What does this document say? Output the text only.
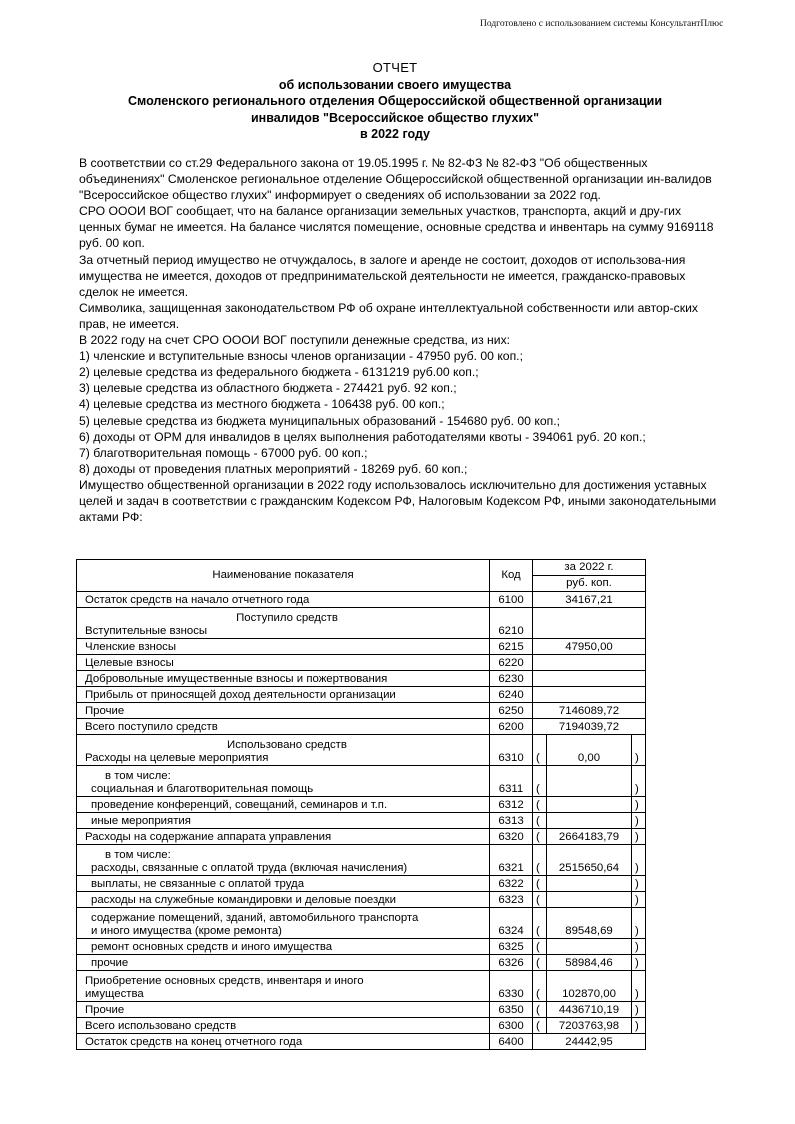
Подготовлено с использованием системы КонсультантПлюс
ОТЧЕТ
об использовании своего имущества
Смоленского регионального отделения Общероссийской общественной организации
инвалидов "Всероссийское общество глухих"
в 2022 году

В соответствии со ст.29 Федерального закона от 19.05.1995 г. № 82-ФЗ № 82-ФЗ "Об общественных объединениях" Смоленское региональное отделение Общероссийской общественной организации ин-валидов "Всероссийское общество глухих" информирует о сведениях об использовании за 2022 год.

СРО ОООИ ВОГ сообщает, что на балансе организации земельных участков, транспорта, акций и дру-гих ценных бумаг не имеется. На балансе числятся помещение, основные средства и инвентарь на сумму 9169118 руб. 00 коп.

За отчетный период имущество не отчуждалось, в залоге и аренде не состоит, доходов от использова-ния имущества не имеется, доходов от предпринимательской деятельности не имеется, гражданско-правовых сделок не имеется.

Символика, защищенная законодательством РФ об охране интеллектуальной собственности или автор-ских прав, не имеется.

В 2022 году на счет СРО ОООИ ВОГ поступили денежные средства, из них:

1) членские и вступительные взносы членов организации - 47950 руб. 00 коп.;

2) целевые средства из федерального бюджета - 6131219 руб.00 коп.;

3) целевые средства из областного бюджета - 274421 руб. 92 коп.;

4) целевые средства из местного бюджета - 106438 руб. 00 коп.;

5) целевые средства из бюджета муниципальных образований - 154680 руб. 00 коп.;

6) доходы от ОРМ для инвалидов в целях выполнения работодателями квоты - 394061 руб. 20 коп.;

7) благотворительная помощь - 67000 руб. 00 коп.;

8) доходы от проведения платных мероприятий - 18269 руб. 60 коп.;

Имущество общественной организации в 2022 году использовалось исключительно для достижения уставных целей и задач в соответствии с гражданским Кодексом РФ, Налоговым Кодексом РФ, иными законодательными актами РФ:

Наименование показателя	Код	за 2022 г.		
		руб. коп.		
Остаток средств на начало отчетного года	6100	34167,21		

Поступило средств
Вступительные взносы	6210			
Членские взносы	6215	47950,00		
Целевые взносы	6220			
Добровольные имущественные взносы и пожертвования	6230			
Прибыль от приносящей доход деятельности организации	6240			
Прочие	6250	7146089,72		
Всего поступило средств	6200	7194039,72		

Использовано средств
Расходы на целевые мероприятия	6310	(	0,00	)

в том числе:
социальная и благотворительная помощь	6311	(		)

проведение конференций, совещаний, семинаров и т.п.	6312	(		)

иные мероприятия	6313	(		)
Расходы на содержание аппарата управления	6320	(	2664183,79	)

в том числе:
расходы, связанные с оплатой труда (включая начисления)	6321	(	2515650,64	)

выплаты, не связанные с оплатой труда	6322	(		)

расходы на служебные командировки и деловые поездки	6323	(		)

содержание помещений, зданий, автомобильного транспорта
и иного имущества (кроме ремонта)	6324	(	89548,69	)

ремонт основных средств и иного имущества	6325	(		)

прочие	6326	(	58984,46	)

Приобретение основных средств, инвентаря и иного
имущества	6330	(	102870,00	)
Прочие	6350	(	4436710,19	)
Всего использовано средств	6300	(	7203763,98	)
Остаток средств на конец отчетного года	6400	24442,95		
